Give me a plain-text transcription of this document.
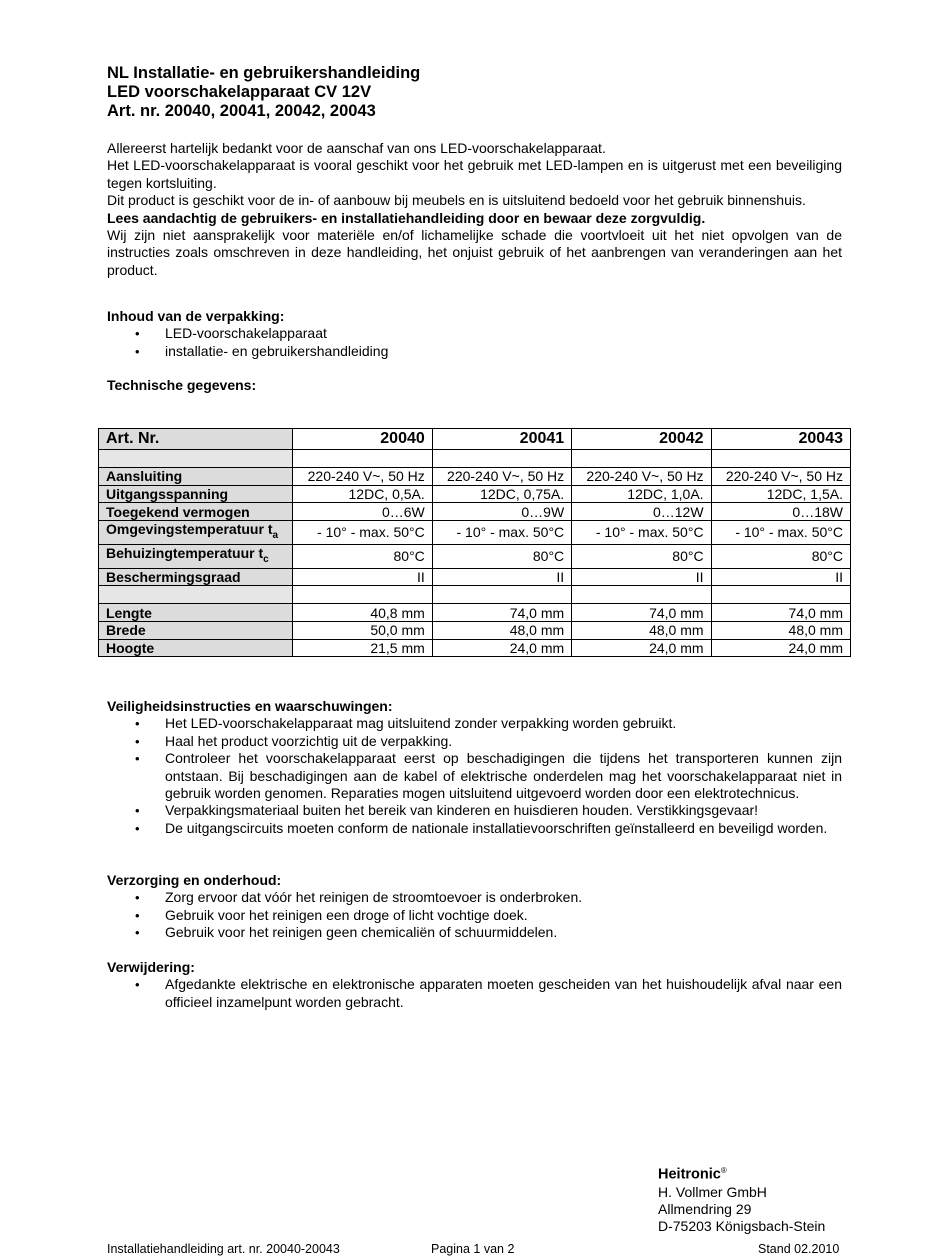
NL Installatie- en gebruikershandleiding
LED voorschakelapparaat CV 12V
Art. nr. 20040, 20041, 20042, 20043

Allereerst hartelijk bedankt voor de aanschaf van ons LED-voorschakelapparaat.

Het LED-voorschakelapparaat is vooral geschikt voor het gebruik met LED-lampen en is uitgerust met een beveiliging tegen kortsluiting.

Dit product is geschikt voor de in- of aanbouw bij meubels en is uitsluitend bedoeld voor het gebruik binnenshuis.

Lees aandachtig de gebruikers- en installatiehandleiding door en bewaar deze zorgvuldig.

Wij zijn niet aansprakelijk voor materiële en/of lichamelijke schade die voortvloeit uit het niet opvolgen van de instructies zoals omschreven in deze handleiding, het onjuist gebruik of het aanbrengen van veranderingen aan het product.

Inhoud van de verpakking:
• LED-voorschakelapparaat
• installatie- en gebruikershandleiding
Technische gegevens:
Art. Nr.	20040	20041	20042	20043

Aansluiting	220-240 V~, 50 Hz	220-240 V~, 50 Hz	220-240 V~, 50 Hz	220-240 V~, 50 Hz
Uitgangsspanning	12DC, 0,5A.	12DC, 0,75A.	12DC, 1,0A.	12DC, 1,5A.
Toegekend vermogen	0…6W	0…9W	0…12W	0…18W
Omgevingstemperatuur $t_a$	- 10° - max. 50°C	- 10° - max. 50°C	- 10° - max. 50°C	- 10° - max. 50°C
Behuizingtemperatuur $t_c$	80°C	80°C	80°C	80°C
Beschermingsgraad	II	II	II	II

Lengte	40,8 mm	74,0 mm	74,0 mm	74,0 mm
Brede	50,0 mm	48,0 mm	48,0 mm	48,0 mm
Hoogte	21,5 mm	24,0 mm	24,0 mm	24,0 mm
Veiligheidsinstructies en waarschuwingen:
• Het LED-voorschakelapparaat mag uitsluitend zonder verpakking worden gebruikt.
• Haal het product voorzichtig uit de verpakking.
• Controleer het voorschakelapparaat eerst op beschadigingen die tijdens het transporteren kunnen zijn ontstaan. Bij beschadigingen aan de kabel of elektrische onderdelen mag het voorschakelapparaat niet in gebruik worden genomen. Reparaties mogen uitsluitend uitgevoerd worden door een elektrotechnicus.
• Verpakkingsmateriaal buiten het bereik van kinderen en huisdieren houden. Verstikkingsgevaar!
• De uitgangscircuits moeten conform de nationale installatievoorschriften geïnstalleerd en beveiligd worden.
Verzorging en onderhoud:
• Zorg ervoor dat vóór het reinigen de stroomtoevoer is onderbroken.
• Gebruik voor het reinigen een droge of licht vochtige doek.
• Gebruik voor het reinigen geen chemicaliën of schuurmiddelen.
Verwijdering:
• Afgedankte elektrische en elektronische apparaten moeten gescheiden van het huishoudelijk afval naar een officieel inzamelpunt worden gebracht.
Heitronic®
H. Vollmer GmbH
Allmendring 29
D-75203 Königsbach-Stein
Installatiehandleiding art. nr. 20040-20043	Pagina 1 van 2	Stand 02.2010
